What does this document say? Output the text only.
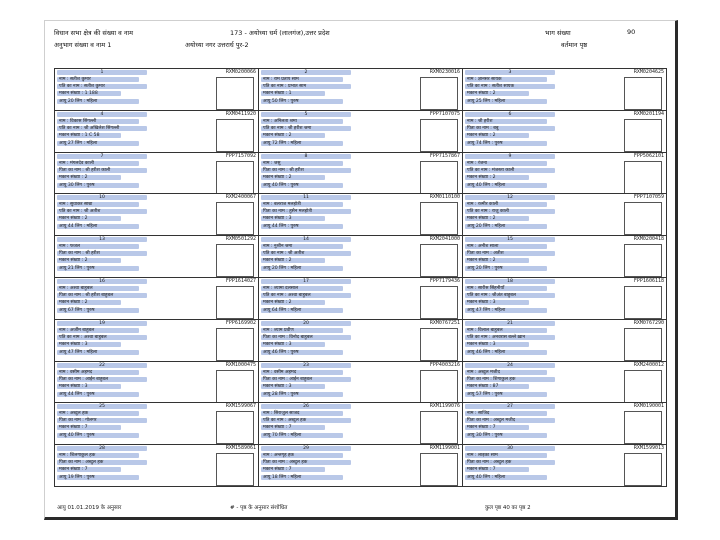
विधान सभा क्षेत्र की संख्या व नाम	173 - अयोध्या धर्म (लालगंज),उत्तर प्रदेश
अनुभाग संख्या व नाम 1	अयोध्या नगर उत्तरार्ध पुर-2
भाग संख्या	90
वर्तमान पृष्ठ
1	RXM0200066
नाम : सतीश कुमार
पति का नाम : सतीश कुमार
मकान संख्या : 1 188
आयु 20 लिंग : महिला
2	RXM0230016
नाम : राम प्रताप साम
पति का नाम : प्रभात साम
मकान संख्या : 1
आयु 50 लिंग : पुरुष
3	RXM0204625
नाम : ज्ञानसर सायक
पति का नाम : सतीश सायक
मकान संख्या : 2
आयु 25 लिंग : महिला
4	RXM0411920
नाम : विकास सिंगल्ली
पति का नाम : श्री अखिलेश सिंगल्ली
मकान संख्या : 1 C 58
आयु 27 लिंग : महिला
5	FPP7107075
नाम : अनिलता श्रमा
पति का नाम : श्री हरीश श्रमा
मकान संख्या : 2
आयु 72 लिंग : महिला
6	RXM0201194
नाम : श्री हरीश
पिता का नाम : बबु
मकान संख्या : 2
आयु 74 लिंग : पुरुष
7	FPP7157092
नाम : मंगलदेव काली
पिता का नाम : श्री हरीश काली
मकान संख्या : 2
आयु 30 लिंग : पुरुष
8	FPP7157867
नाम : जसु
पिता का नाम : श्री हरीश
मकान संख्या : 2
आयु 40 लिंग : पुरुष
9	FPP5062101
नाम : रंजना
पति का नाम : मंजस्ता काली
मकान संख्या : 2
आयु 40 लिंग : महिला
10	RXM2400067
नाम : सुधाकर साम्रा
पति का नाम : श्री अतीश
मकान संख्या : 2
आयु 44 लिंग : महिला
11	RXM0110100
नाम : बलराज मलहोत्री
पिता का नाम : हुसैन मलहोत्री
मकान संख्या : 3
आयु 44 लिंग : पुरुष
12	FPP7107059
नाम : रश्मीर काली
पति का नाम : राजु काली
मकान संख्या : 2
आयु 20 लिंग : महिला
13	RXM0501292
नाम : फजल
पिता का नाम : श्री हरीश
मकान संख्या : 2
आयु 21 लिंग : पुरुष
14	RXM2041000
नाम : नुश्रीन श्रमा
पति का नाम : श्री अतीश
मकान संख्या : 2
आयु 20 लिंग : महिला
15	RXM0200418
नाम : अनीश साला
पिता का नाम : अतीश
मकान संख्या : 2
आयु 20 लिंग : पुरुष
16	FPP1614027
नाम : अश्वा बाहुबल
पिता का नाम : श्री हरीश बाहुबल
मकान संख्या : 2
आयु 67 लिंग : पुरुष
17	FPP7179436
नाम : श्यामा दलसाल
पति का नाम : अश्वा बाहुबल
मकान संख्या : 2
आयु 64 लिंग : महिला
18	FPP1606118
नाम : सारीस सिंहनीयाँ
पति का नाम : श्रीअंत बाहुबल
मकान संख्या : 3
आयु 47 लिंग : महिला
19	FPP6169902
नाम : अर्जीम बाहुबल
पति का नाम : अश्वा बाहुबल
मकान संख्या : 3
आयु 47 लिंग : महिला
20	RXM0767251
नाम : श्याम प्रवीण
पिता का नाम : विनोद बाहुबल
मकान संख्या : 3
आयु 46 लिंग : पुरुष
21	RXM0767290
नाम : विलाल बाहुबल
पति का नाम : अनवरास बल्ले ख़ान
मकान संख्या : 3
आयु 46 लिंग : महिला
22	RXM1000475
नाम : वसीम अहमद
पिता का नाम : आईन बाहुबल
मकान संख्या : 3
आयु 44 लिंग : पुरुष
23	FPP4003216
नाम : वसीम अहमद
पिता का नाम : आईन बाहुबल
मकान संख्या : 3
आयु 28 लिंग : पुरुष
24	RXM2400012
नाम : अब्दुल मजीद
पिता का नाम : शिगाकुल हक
मकान संख्या : 87
आयु 57 लिंग : पुरुष
25	RXM1599067
नाम : अब्दुल हक
पिता का नाम : गोलगर
मकान संख्या : 7
आयु 40 लिंग : पुरुष
26	RXM1199076
नाम : सिराजुल साजद
पति का नाम : अब्दुल हक
मकान संख्या : 7
आयु 70 लिंग : महिला
27	RXM0190001
नाम : साजिद
पिता का नाम : अब्दुल मजीद
मकान संख्या : 7
आयु 30 लिंग : पुरुष
28	RXM1589061
नाम : शिलगाकुल हक
पिता का नाम : अब्दुल हक
मकान संख्या : 7
आयु 19 लिंग : पुरुष
29	RXM1199001
नाम : अन्तगृह हक
पिता का नाम : अब्दुल हक
मकान संख्या : 7
आयु 18 लिंग : महिला
30	RXM1599013
नाम : लाइका साम
पिता का नाम : अब्दुल हक
मकान संख्या : 7
आयु 40 लिंग : महिला
आयु 01.01.2019 के अनुसार	# - पृष्ठ के अनुसार संशोधित	कुल पृष्ठ 40 का पृष्ठ 2
